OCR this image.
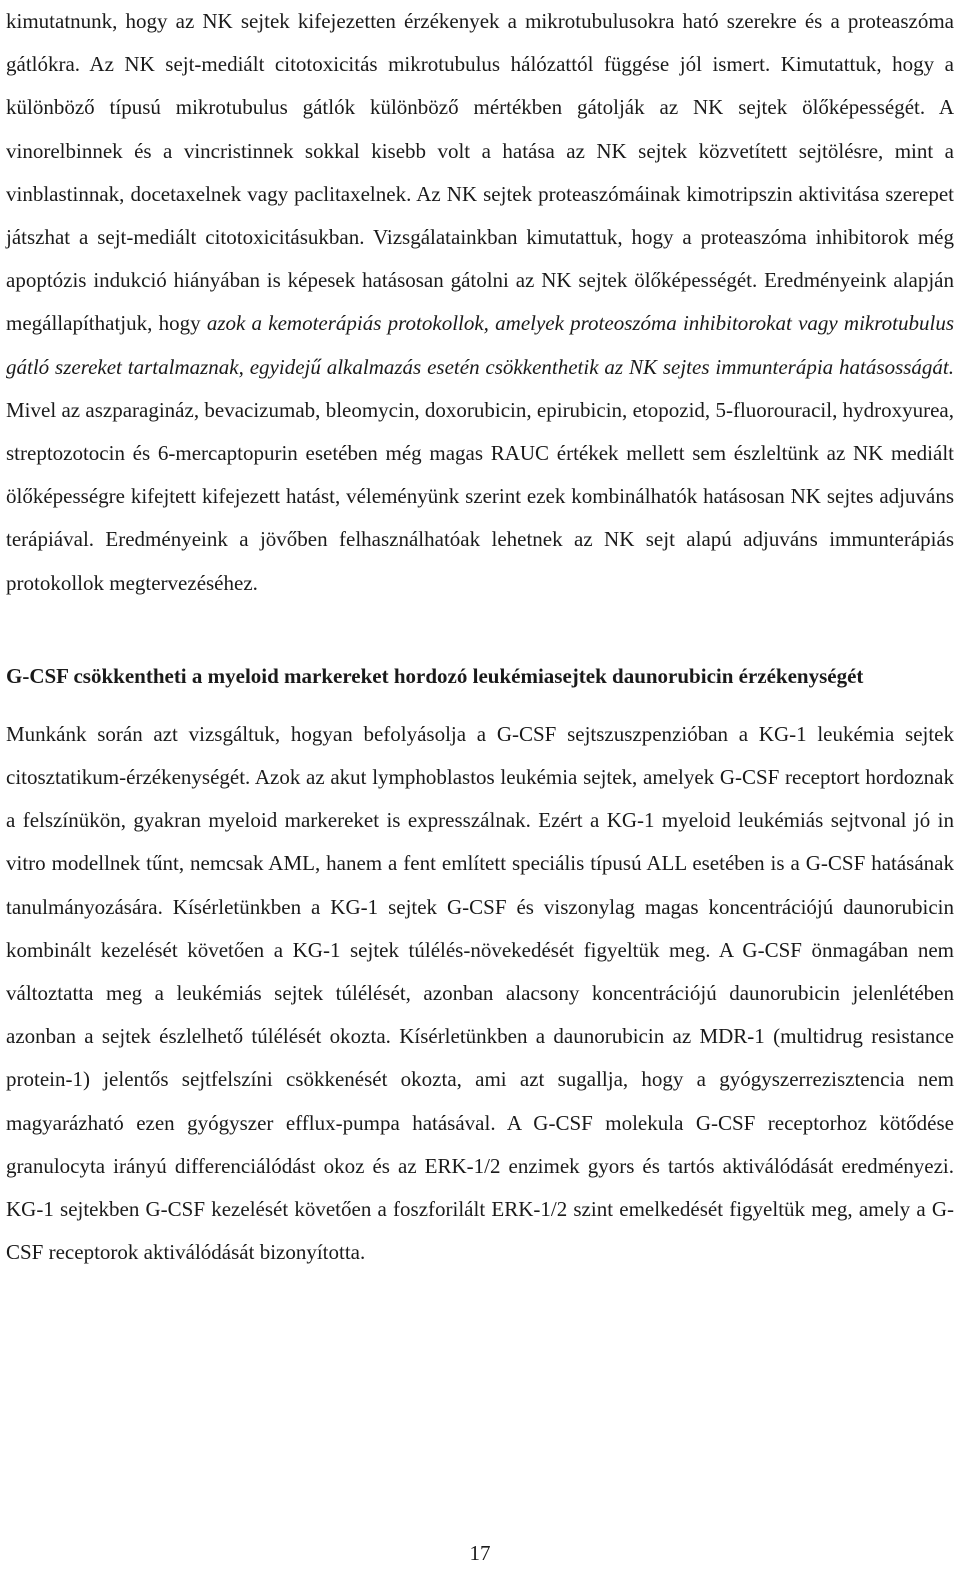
kimutatnunk, hogy az NK sejtek kifejezetten érzékenyek a mikrotubulusokra ható szerekre és a proteaszóma gátlókra. Az NK sejt-mediált citotoxicitás mikrotubulus hálózattól függése jól ismert. Kimutattuk, hogy a különböző típusú mikrotubulus gátlók különböző mértékben gátolják az NK sejtek ölőképességét. A vinorelbinnek és a vincristinnek sokkal kisebb volt a hatása az NK sejtek közvetített sejtölésre, mint a vinblastinnak, docetaxelnek vagy paclitaxelnek. Az NK sejtek proteaszómáinak kimotripszin aktivitása szerepet játszhat a sejt-mediált citotoxicitásukban. Vizsgálatainkban kimutattuk, hogy a proteaszóma inhibitorok még apoptózis indukció hiányában is képesek hatásosan gátolni az NK sejtek ölőképességét. Eredményeink alapján megállapíthatjuk, hogy azok a kemoterápiás protokollok, amelyek proteoszóma inhibitorokat vagy mikrotubulus gátló szereket tartalmaznak, egyidejű alkalmazás esetén csökkenthetik az NK sejtes immunterápia hatásosságát. Mivel az aszparagináz, bevacizumab, bleomycin, doxorubicin, epirubicin, etopozid, 5-fluorouracil, hydroxyurea, streptozotocin és 6-mercaptopurin esetében még magas RAUC értékek mellett sem észleltünk az NK mediált ölőképességre kifejtett kifejezett hatást, véleményünk szerint ezek kombinálhatók hatásosan NK sejtes adjuváns terápiával. Eredményeink a jövőben felhasználhatóak lehetnek az NK sejt alapú adjuváns immunterápiás protokollok megtervezéséhez.

G-CSF csökkentheti a myeloid markereket hordozó leukémiasejtek daunorubicin érzékenységét

Munkánk során azt vizsgáltuk, hogyan befolyásolja a G-CSF sejtszuszpenzióban a KG-1 leukémia sejtek citosztatikum-érzékenységét. Azok az akut lymphoblastos leukémia sejtek, amelyek G-CSF receptort hordoznak a felszínükön, gyakran myeloid markereket is expresszálnak. Ezért a KG-1 myeloid leukémiás sejtvonal jó in vitro modellnek tűnt, nemcsak AML, hanem a fent említett speciális típusú ALL esetében is a G-CSF hatásának tanulmányozására. Kísérletünkben a KG-1 sejtek G-CSF és viszonylag magas koncentrációjú daunorubicin kombinált kezelését követően a KG-1 sejtek túlélés-növekedését figyeltük meg. A G-CSF önmagában nem változtatta meg a leukémiás sejtek túlélését, azonban alacsony koncentrációjú daunorubicin jelenlétében azonban a sejtek észlelhető túlélését okozta. Kísérletünkben a daunorubicin az MDR-1 (multidrug resistance protein-1) jelentős sejtfelszíni csökkenését okozta, ami azt sugallja, hogy a gyógyszerrezisztencia nem magyarázható ezen gyógyszer efflux-pumpa hatásával. A G-CSF molekula G-CSF receptorhoz kötődése granulocyta irányú differenciálódást okoz és az ERK-1/2 enzimek gyors és tartós aktiválódását eredményezi. KG-1 sejtekben G-CSF kezelését követően a foszforilált ERK-1/2 szint emelkedését figyeltük meg, amely a G-CSF receptorok aktiválódását bizonyította.

17
